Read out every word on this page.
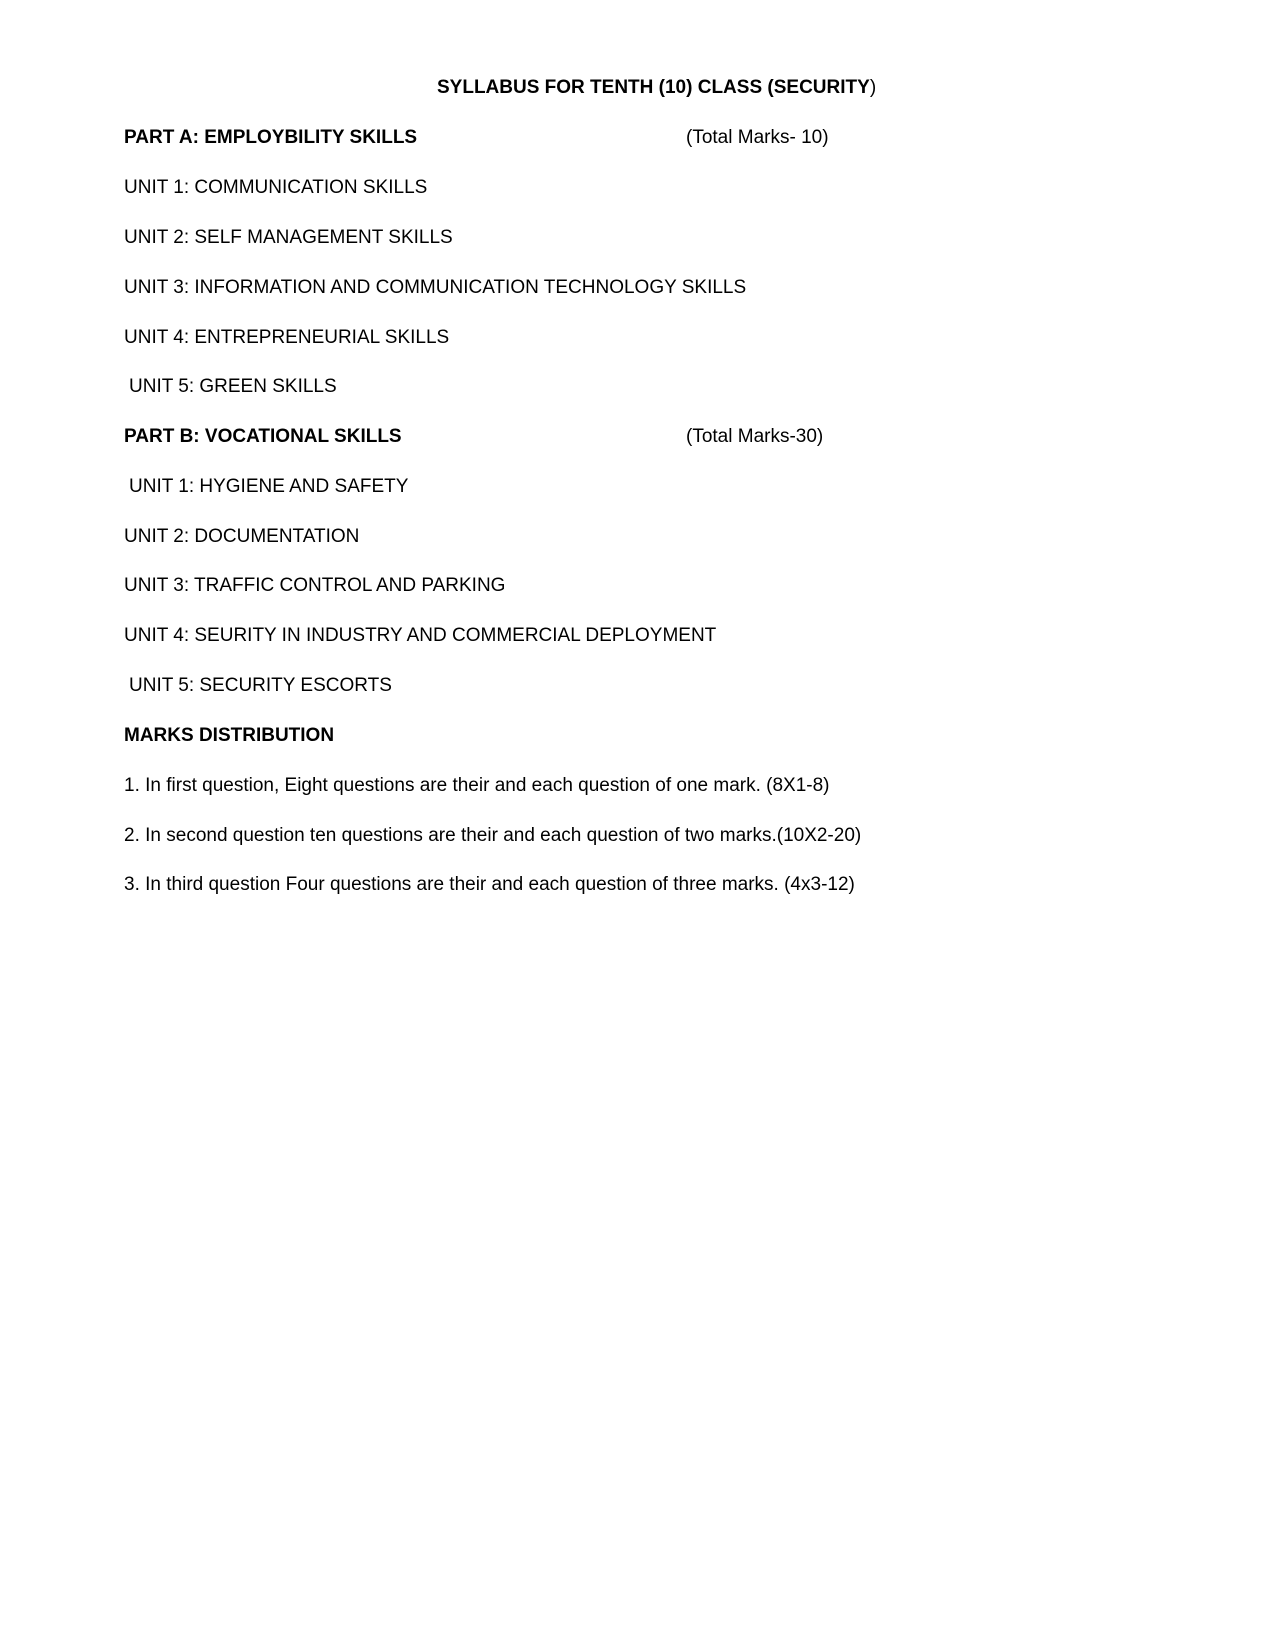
SYLLABUS FOR TENTH (10) CLASS (SECURITY)
PART A: EMPLOYBILITY SKILLS	(Total Marks- 10)
UNIT 1: COMMUNICATION SKILLS
UNIT 2: SELF MANAGEMENT SKILLS
UNIT 3: INFORMATION AND COMMUNICATION TECHNOLOGY SKILLS
UNIT 4: ENTREPRENEURIAL SKILLS
UNIT 5: GREEN SKILLS
PART B: VOCATIONAL SKILLS	(Total Marks-30)
UNIT 1: HYGIENE AND SAFETY
UNIT 2: DOCUMENTATION
UNIT 3: TRAFFIC CONTROL AND PARKING
UNIT 4: SEURITY IN INDUSTRY AND COMMERCIAL DEPLOYMENT
UNIT 5: SECURITY ESCORTS
MARKS DISTRIBUTION
1. In first question, Eight questions are their and each question of one mark. (8X1-8)
2. In second question ten questions are their and each question of two marks.(10X2-20)
3. In third question Four questions are their and each question of three marks. (4x3-12)
